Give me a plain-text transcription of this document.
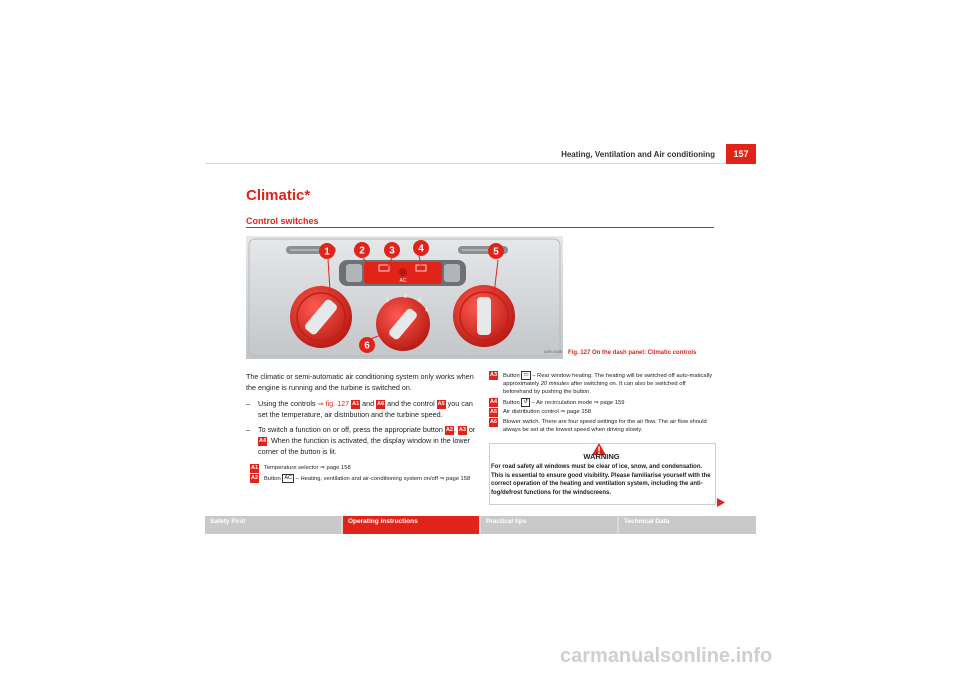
Heating, Ventilation and Air conditioning	157
Climatic*
Control switches
AC
1
2
3
4
1	2 3 4	5
6	A5R-0456 Fig. 127 On the dash panel: Climatic controls
The climatic or semi-automatic air conditioning system only works when the engine is running and the turbine is switched on.
–	Using the controls ⇒ fig. 127 A1 and A6 and the control A5 you can set the temperature, air distribution and the turbine speed.
–	To switch a function on or off, press the appropriate button A2, A3 or A4. When the function is activated, the display window in the lower corner of the button is lit.
A1	Temperature selector ⇒ page 158
A2	Button AC – Heating, ventilation and air-conditioning system on/off ⇒ page 158
A3	Button ▭ – Rear window heating. The heating will be switched off auto-matically approximately 20 minutes after switching on. It can also be switched off beforehand by pushing the button.
A4	Button ↺ – Air recirculation mode ⇒ page 159
A5	Air distribution control ⇒ page 158
A6	Blower switch. There are four speed settings for the air flow. The air flow should always be set at the lowest speed when driving slowly.
WARNING
For road safety all windows must be clear of ice, snow, and condensation. This is essential to ensure good visibility. Please familiarise yourself with the correct operation of the heating and ventilation system, including the anti-fog/defrost functions for the windscreens.
Safety First	Operating instructions	Practical tips	Technical Data
carmanualsonline.info
